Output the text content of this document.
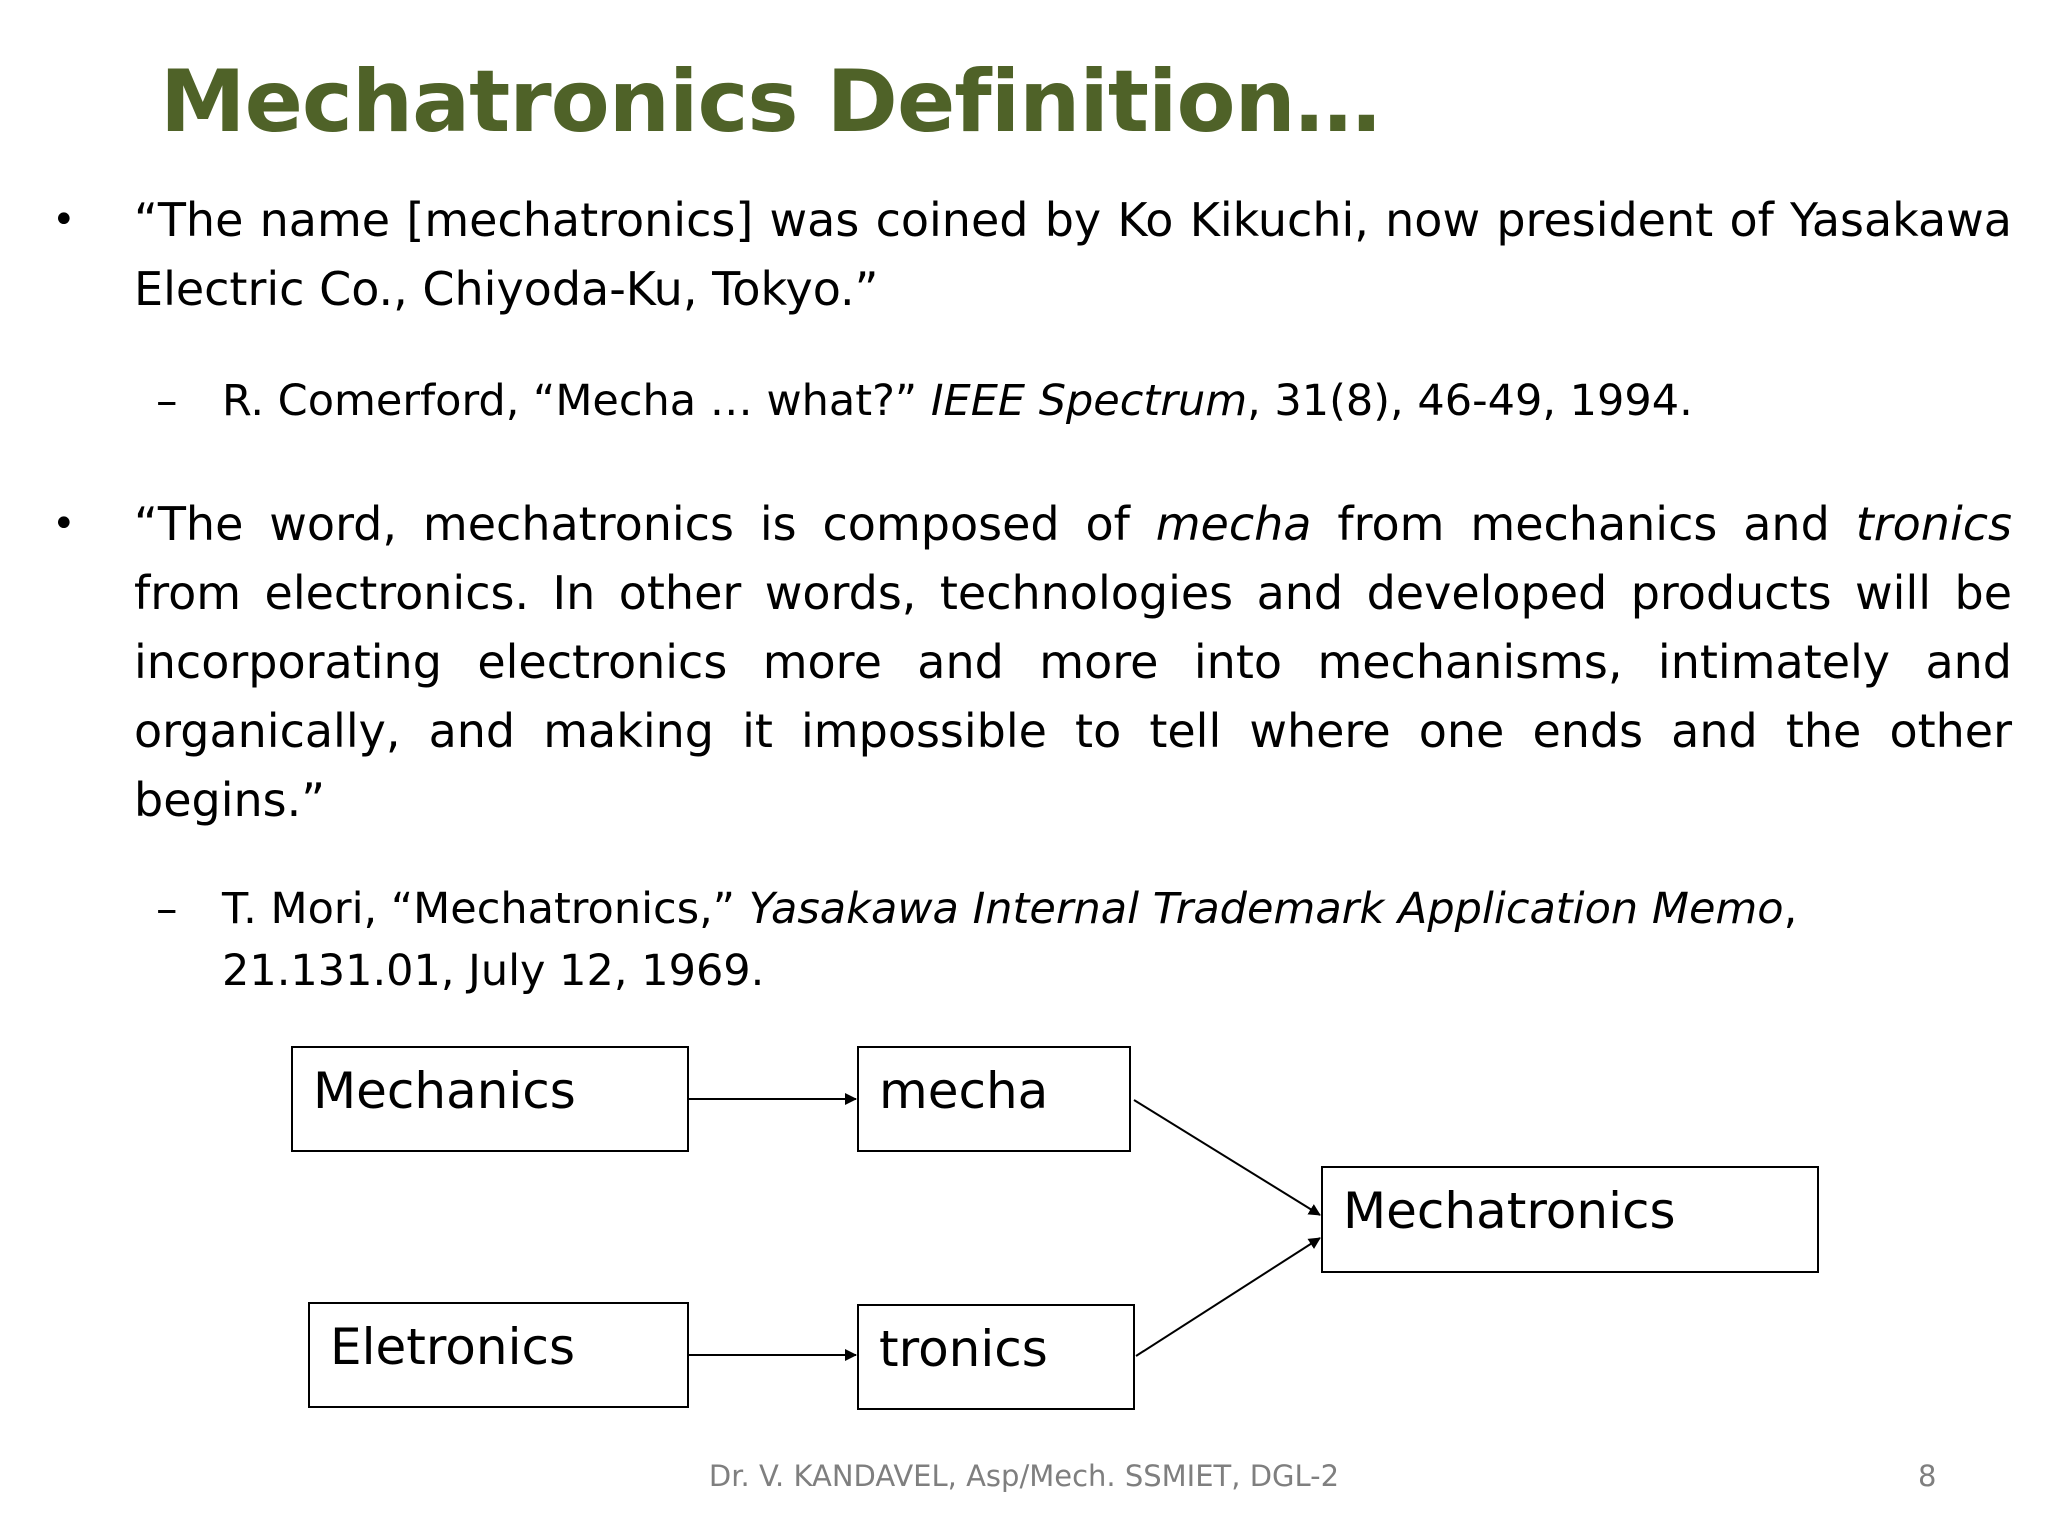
Mechatronics Definition…
• “The name [mechatronics] was coined by Ko Kikuchi, now president of Yasakawa Electric Co., Chiyoda-Ku, Tokyo.”
– R. Comerford, “Mecha … what?” IEEE Spectrum, 31(8), 46-49, 1994.
• “The word, mechatronics is composed of mecha from mechanics and tronics from electronics. In other words, technologies and developed products will be incorporating electronics more and more into mechanisms, intimately and organically, and making it impossible to tell where one ends and the other begins.”
– T. Mori, “Mechatronics,” Yasakawa Internal Trademark Application Memo, 21.131.01, July 12, 1969.
Mechanics
Eletronics
mecha
tronics
Mechatronics
Dr. V. KANDAVEL, Asp/Mech. SSMIET, DGL-2	8
